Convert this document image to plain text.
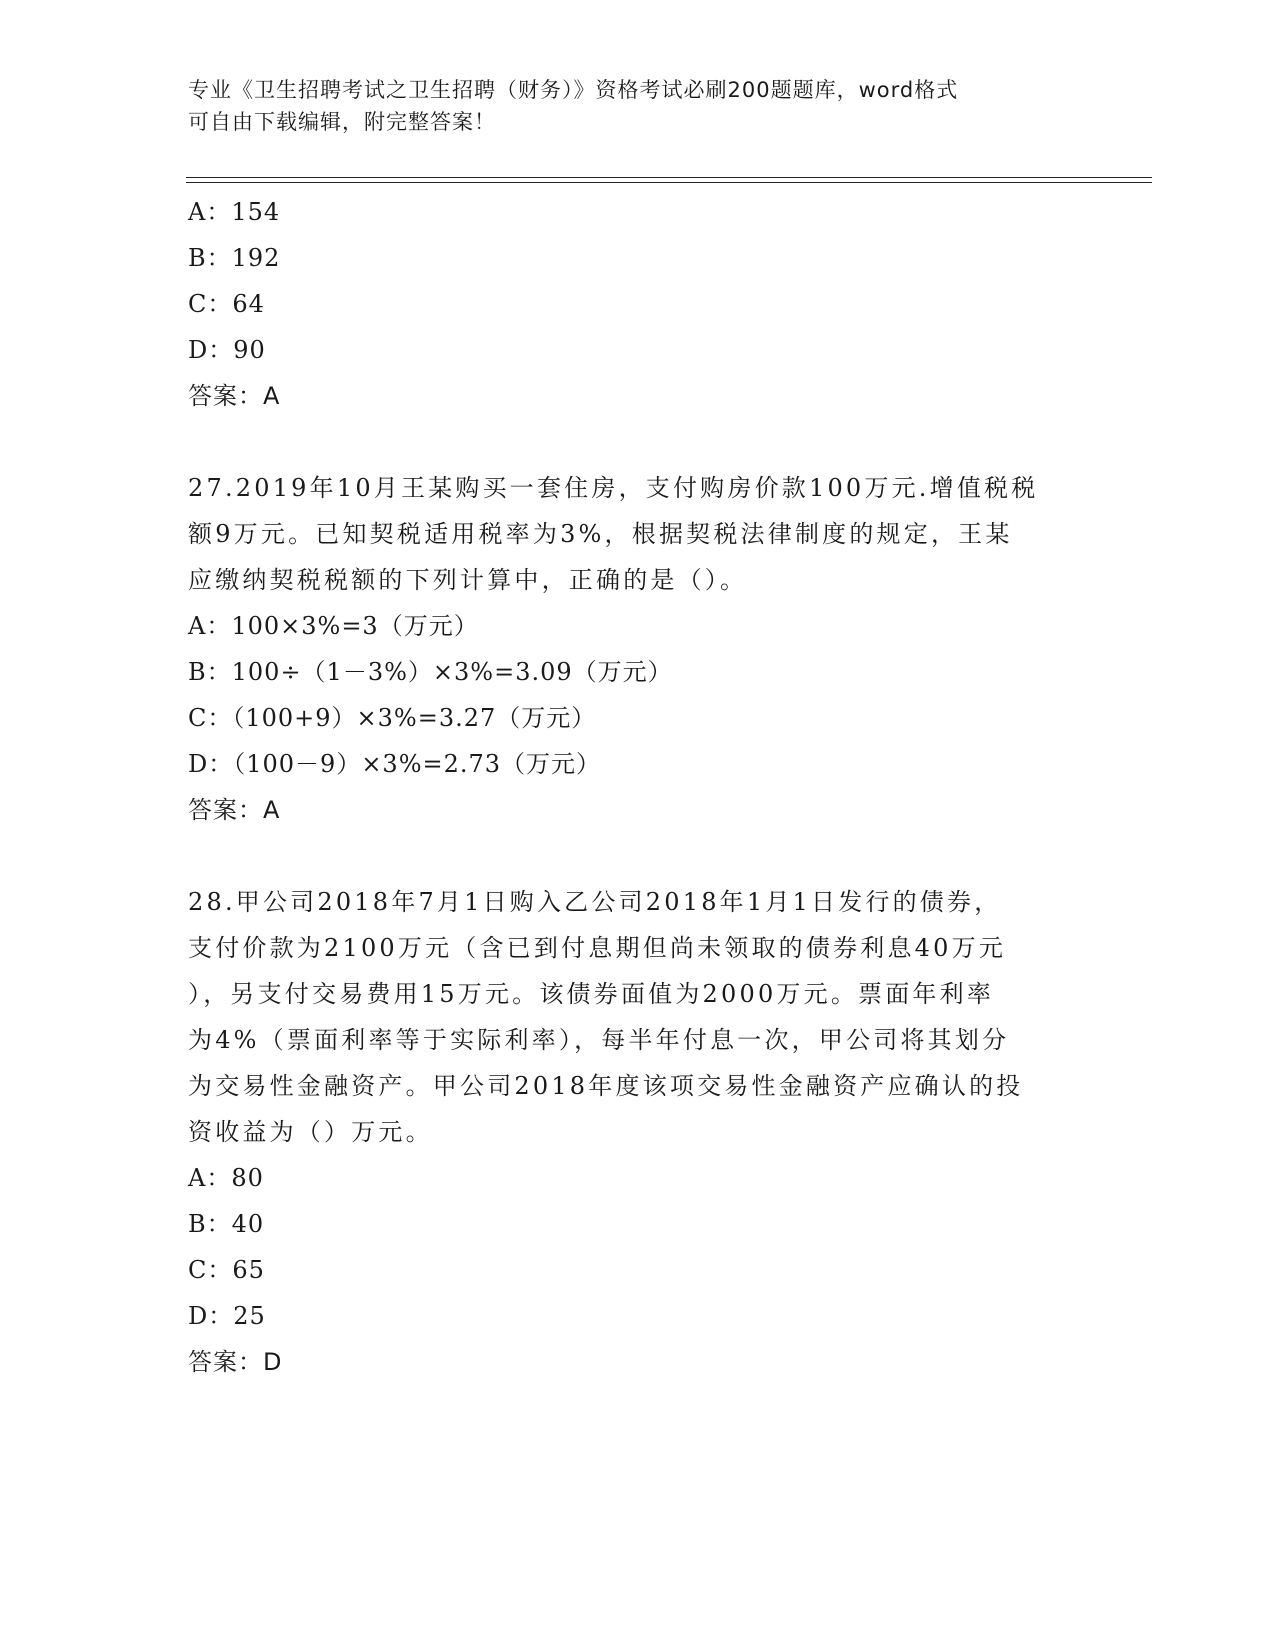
专业《卫生招聘考试之卫生招聘（财务）》资格考试必刷200题题库，word格式
可自由下载编辑，附完整答案！
A：154
B：192
C：64
D：90
答案：A
27.2019年10月王某购买一套住房，支付购房价款100万元.增值税税
额9万元。已知契税适用税率为3%，根据契税法律制度的规定，王某
应缴纳契税税额的下列计算中，正确的是（）。
A：100×3%=3（万元）
B：100÷（1－3%）×3%=3.09（万元）
C：（100+9）×3%=3.27（万元）
D：（100－9）×3%=2.73（万元）
答案：A
28.甲公司2018年7月1日购入乙公司2018年1月1日发行的债券，
支付价款为2100万元（含已到付息期但尚未领取的债券利息40万元
），另支付交易费用15万元。该债券面值为2000万元。票面年利率
为4%（票面利率等于实际利率），每半年付息一次，甲公司将其划分
为交易性金融资产。甲公司2018年度该项交易性金融资产应确认的投
资收益为（）万元。
A：80
B：40
C：65
D：25
答案：D
